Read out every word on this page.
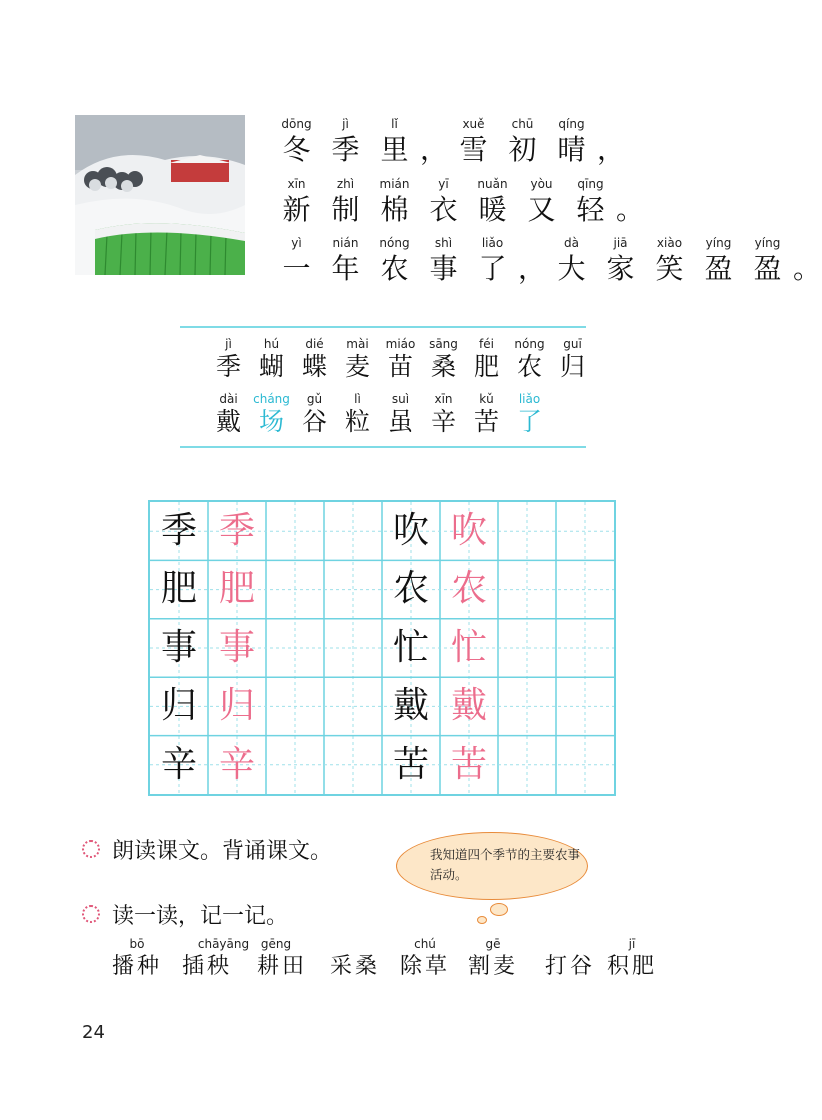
dōng
冬
jì
季
lǐ
里 ，
xuě
雪
chū
初
qíng
晴 ，
xīn
新
zhì
制
mián
棉
yī
衣
nuǎn
暖
yòu
又
qīng
轻 。
yì
一
nián
年
nóng
农
shì
事
liǎo
了 ，
dà
大
jiā
家
xiào
笑
yíng
盈
yíng
盈 。
jì
季
hú
蝴
dié
蝶
mài
麦
miáo
苗
sāng
桑
féi
肥
nóng
农
guī
归
dài
戴
cháng
场
gǔ
谷
lì
粒
suì
虽
xīn
辛
kǔ
苦
liǎo
了
季 季
肥 肥
事 事
归 归
辛 辛
吹 吹
农 农
忙 忙
戴 戴
苦 苦
朗读课文。背诵课文。	我知道四个季节的主要农事活动。
读一读，记一记。
bō
播种
chāyāng gēng
插秧　耕田 采桑
chú
除草
gē
割麦 打谷
jī
积肥
24
